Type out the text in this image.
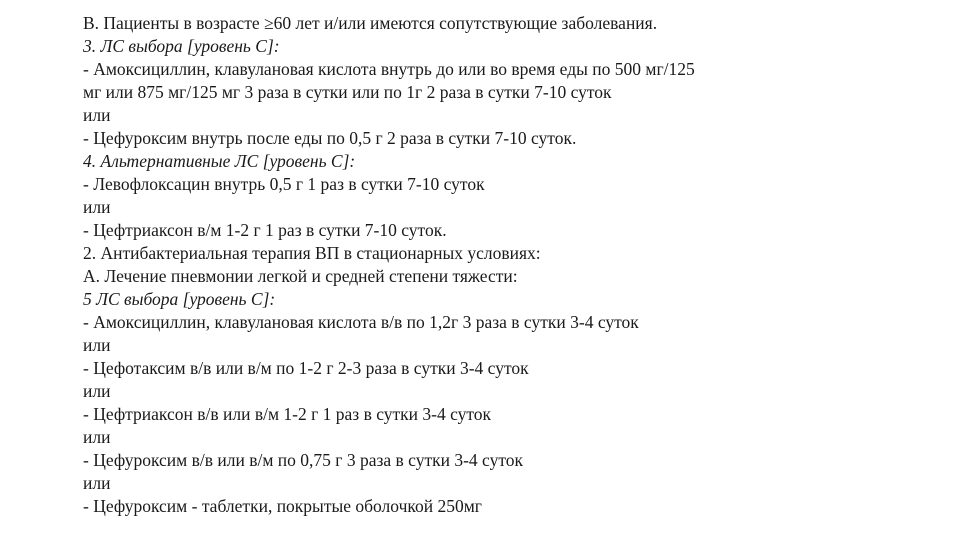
В. Пациенты в возрасте ≥60 лет и/или имеются сопутствующие заболевания.
3. ЛС выбора [уровень С]:
- Амоксициллин, клавулановая кислота внутрь до или во время еды по 500 мг/125
мг или 875 мг/125 мг 3 раза в сутки или по 1г 2 раза в сутки 7-10 суток
или
- Цефуроксим внутрь после еды по 0,5 г 2 раза в сутки 7-10 суток.
4. Альтернативные ЛС [уровень С]:
- Левофлоксацин внутрь 0,5 г 1 раз в сутки 7-10 суток
или
- Цефтриаксон в/м 1-2 г 1 раз в сутки 7-10 суток.
2. Антибактериальная терапия ВП в стационарных условиях:
А. Лечение пневмонии легкой и средней степени тяжести:
5 ЛС выбора [уровень С]:
- Амоксициллин, клавулановая кислота в/в по 1,2г 3 раза в сутки 3-4 суток
или
- Цефотаксим в/в или в/м по 1-2 г 2-3 раза в сутки 3-4 суток
или
- Цефтриаксон в/в или в/м 1-2 г 1 раз в сутки 3-4 суток
или
- Цефуроксим в/в или в/м по 0,75 г 3 раза в сутки 3-4 суток
или
- Цефуроксим - таблетки, покрытые оболочкой 250мг
